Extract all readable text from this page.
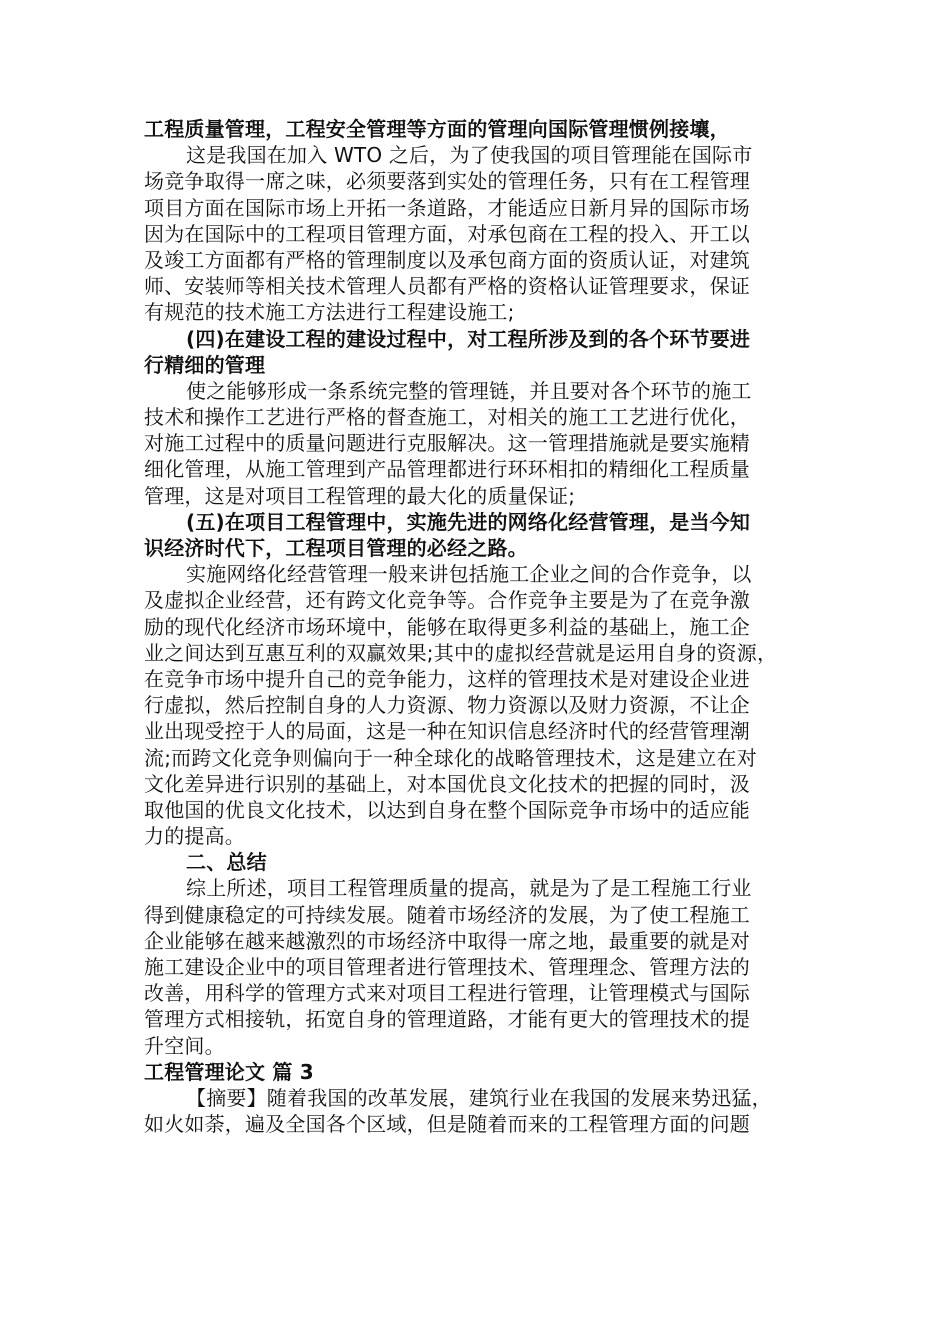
工程质量管理，工程安全管理等方面的管理向国际管理惯例接壤，
这是我国在加入 WTO 之后，为了使我国的项目管理能在国际市
场竞争取得一席之味，必须要落到实处的管理任务，只有在工程管理
项目方面在国际市场上开拓一条道路，才能适应日新月异的国际市场
因为在国际中的工程项目管理方面，对承包商在工程的投入、开工以
及竣工方面都有严格的管理制度以及承包商方面的资质认证，对建筑
师、安装师等相关技术管理人员都有严格的资格认证管理要求，保证
有规范的技术施工方法进行工程建设施工;
(四)在建设工程的建设过程中，对工程所涉及到的各个环节要进
行精细的管理
使之能够形成一条系统完整的管理链，并且要对各个环节的施工
技术和操作工艺进行严格的督查施工，对相关的施工工艺进行优化，
对施工过程中的质量问题进行克服解决。这一管理措施就是要实施精
细化管理，从施工管理到产品管理都进行环环相扣的精细化工程质量
管理，这是对项目工程管理的最大化的质量保证;
(五)在项目工程管理中，实施先进的网络化经营管理，是当今知
识经济时代下，工程项目管理的必经之路。
实施网络化经营管理一般来讲包括施工企业之间的合作竞争，以
及虚拟企业经营，还有跨文化竞争等。合作竞争主要是为了在竞争激
励的现代化经济市场环境中，能够在取得更多利益的基础上，施工企
业之间达到互惠互利的双赢效果;其中的虚拟经营就是运用自身的资源，
在竞争市场中提升自己的竞争能力，这样的管理技术是对建设企业进
行虚拟，然后控制自身的人力资源、物力资源以及财力资源，不让企
业出现受控于人的局面，这是一种在知识信息经济时代的经营管理潮
流;而跨文化竞争则偏向于一种全球化的战略管理技术，这是建立在对
文化差异进行识别的基础上，对本国优良文化技术的把握的同时，汲
取他国的优良文化技术，以达到自身在整个国际竞争市场中的适应能
力的提高。
二、总结
综上所述，项目工程管理质量的提高，就是为了是工程施工行业
得到健康稳定的可持续发展。随着市场经济的发展，为了使工程施工
企业能够在越来越激烈的市场经济中取得一席之地，最重要的就是对
施工建设企业中的项目管理者进行管理技术、管理理念、管理方法的
改善，用科学的管理方式来对项目工程进行管理，让管理模式与国际
管理方式相接轨，拓宽自身的管理道路，才能有更大的管理技术的提
升空间。
工程管理论文 篇 3
【摘要】随着我国的改革发展，建筑行业在我国的发展来势迅猛，
如火如荼，遍及全国各个区域，但是随着而来的工程管理方面的问题
